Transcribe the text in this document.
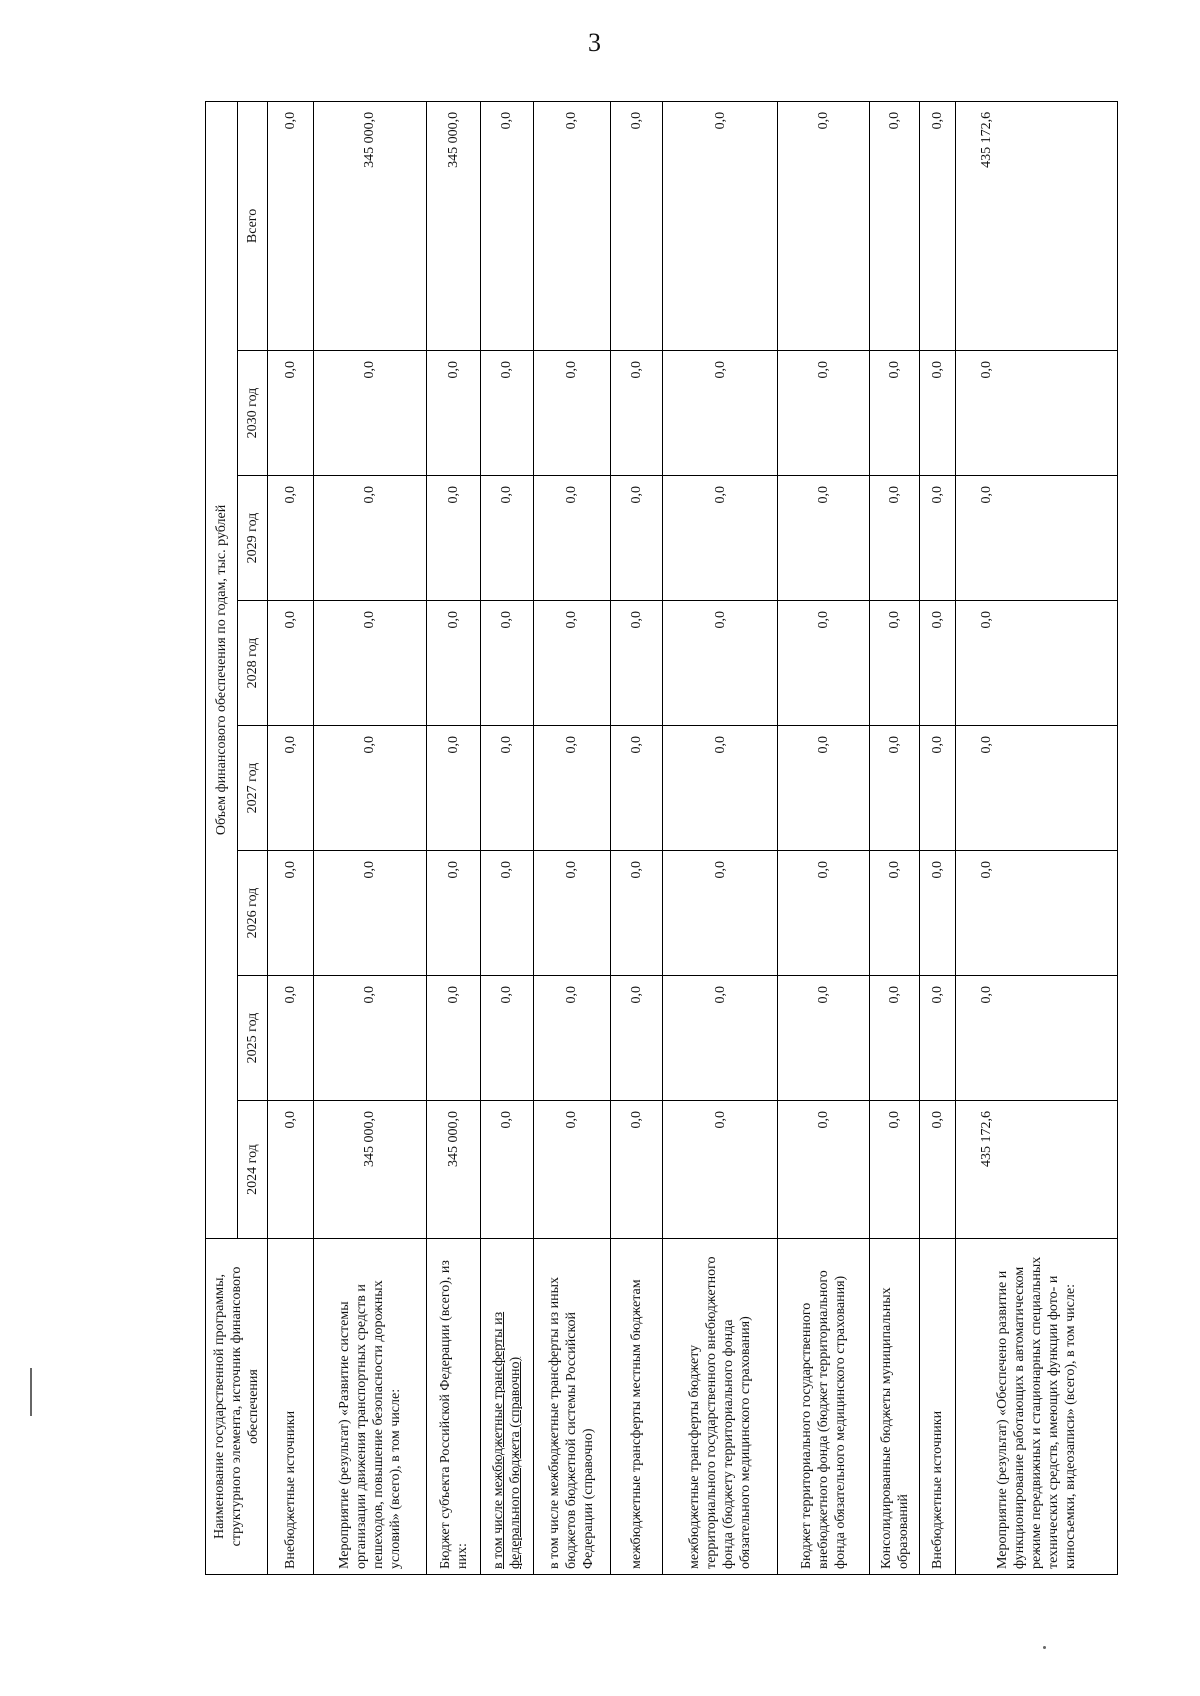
3
Наименование государственной программы, структурного элемента, источник финансового обеспечения	Объем финансового обеспечения по годам, тыс. рублей							
	2024 год	2025 год	2026 год	2027 год	2028 год	2029 год	2030 год	Всего
Внебюджетные источники	0,0	0,0	0,0	0,0	0,0	0,0	0,0	0,0
Мероприятие (результат) «Развитие системы организации движения транспортных средств и пешеходов, повышение безопасности дорожных условий» (всего), в том числе:	345 000,0	0,0	0,0	0,0	0,0	0,0	0,0	345 000,0
Бюджет субъекта Российской Федерации (всего), из них:	345 000,0	0,0	0,0	0,0	0,0	0,0	0,0	345 000,0
в том числе межбюджетные трансферты из федерального бюджета (справочно)	0,0	0,0	0,0	0,0	0,0	0,0	0,0	0,0
в том числе межбюджетные трансферты из иных бюджетов бюджетной системы Российской Федерации (справочно)	0,0	0,0	0,0	0,0	0,0	0,0	0,0	0,0
межбюджетные трансферты местным бюджетам	0,0	0,0	0,0	0,0	0,0	0,0	0,0	0,0
межбюджетные трансферты бюджету территориального государственного внебюджетного фонда (бюджету территориального фонда обязательного медицинского страхования)	0,0	0,0	0,0	0,0	0,0	0,0	0,0	0,0
Бюджет территориального государственного внебюджетного фонда (бюджет территориального фонда обязательного медицинского страхования)	0,0	0,0	0,0	0,0	0,0	0,0	0,0	0,0
Консолидированные бюджеты муниципальных образований	0,0	0,0	0,0	0,0	0,0	0,0	0,0	0,0
Внебюджетные источники	0,0	0,0	0,0	0,0	0,0	0,0	0,0	0,0
Мероприятие (результат) «Обеспечено развитие и функционирование работающих в автоматическом режиме передвижных и стационарных специальных технических средств, имеющих функции фото- и киносъемки, видеозаписи» (всего), в том числе:	435 172,6	0,0	0,0	0,0	0,0	0,0	0,0	435 172,6
